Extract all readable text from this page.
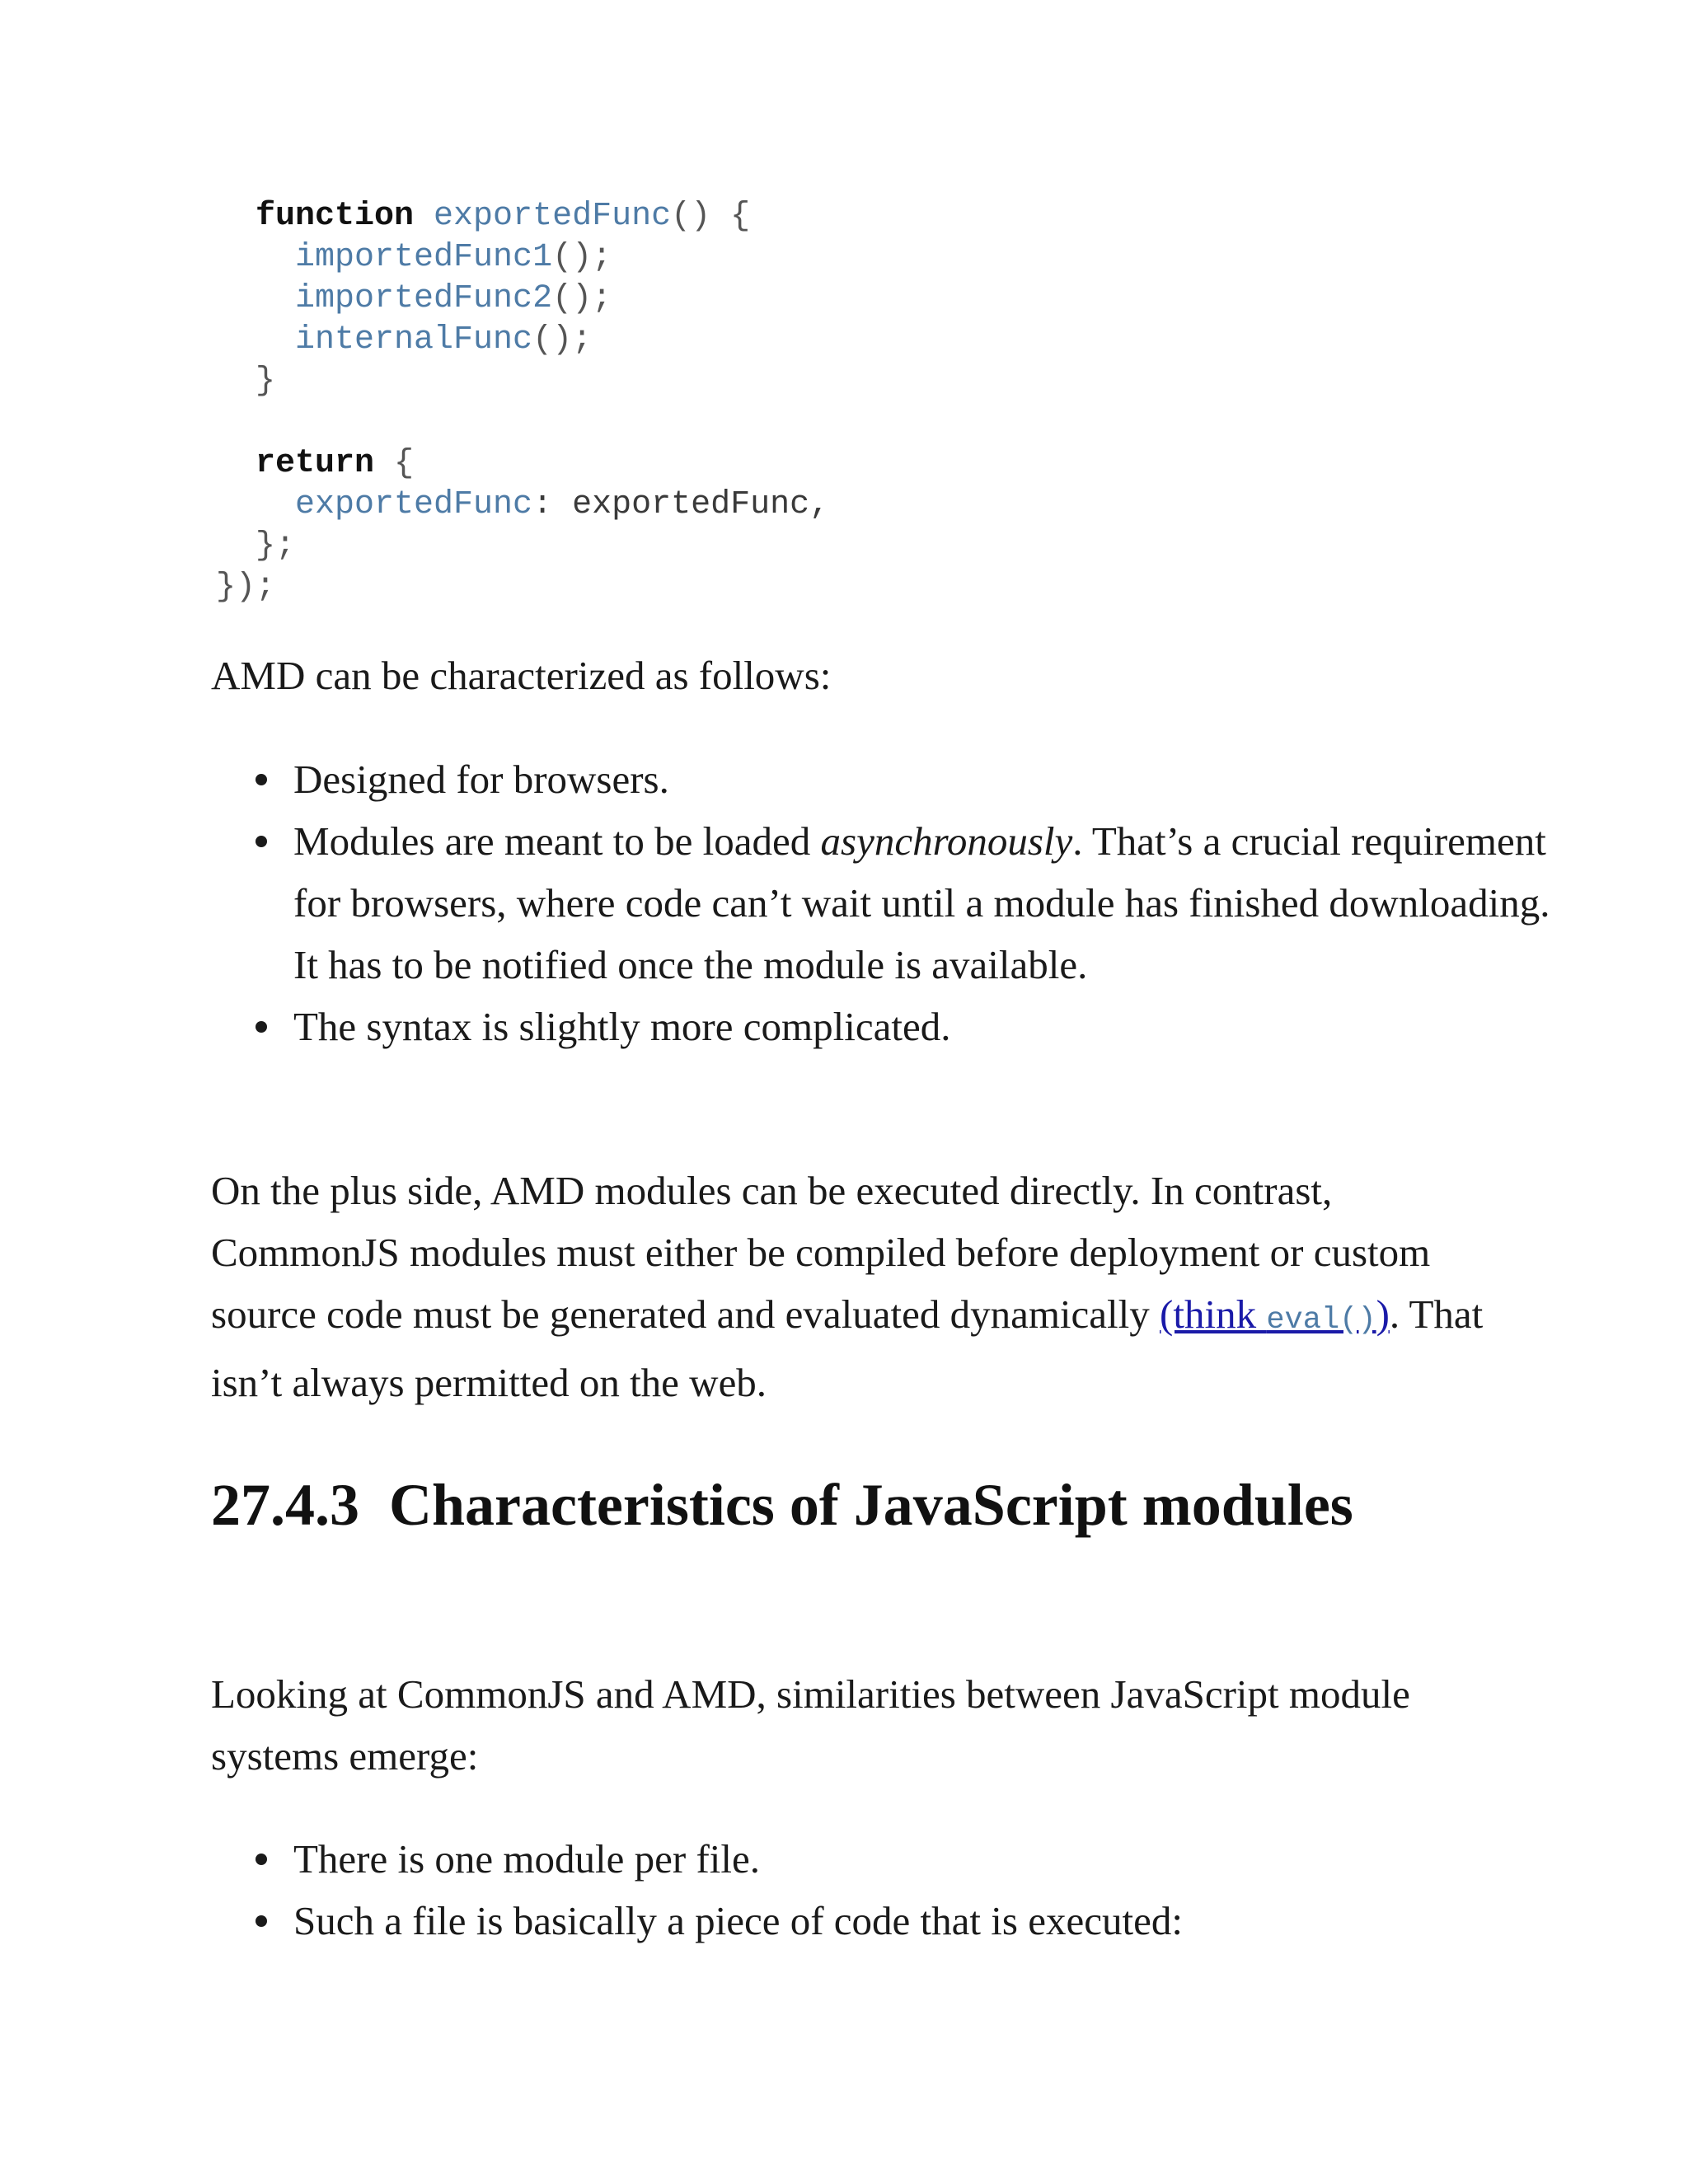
function exportedFunc() {
importedFunc1();
importedFunc2();
internalFunc();
}

return {
exportedFunc: exportedFunc,
};
});

AMD can be characterized as follows:

Designed for browsers.
Modules are meant to be loaded asynchronously. That’s a crucial requirement for browsers, where code can’t wait until a module has finished downloading. It has to be notified once the module is available.
The syntax is slightly more complicated.

On the plus side, AMD modules can be executed directly. In contrast, CommonJS modules must either be compiled before deployment or custom source code must be generated and evaluated dynamically (think eval()). That isn’t always permitted on the web.

27.4.3 Characteristics of JavaScript modules

Looking at CommonJS and AMD, similarities between JavaScript module systems emerge:

There is one module per file.
Such a file is basically a piece of code that is executed:
